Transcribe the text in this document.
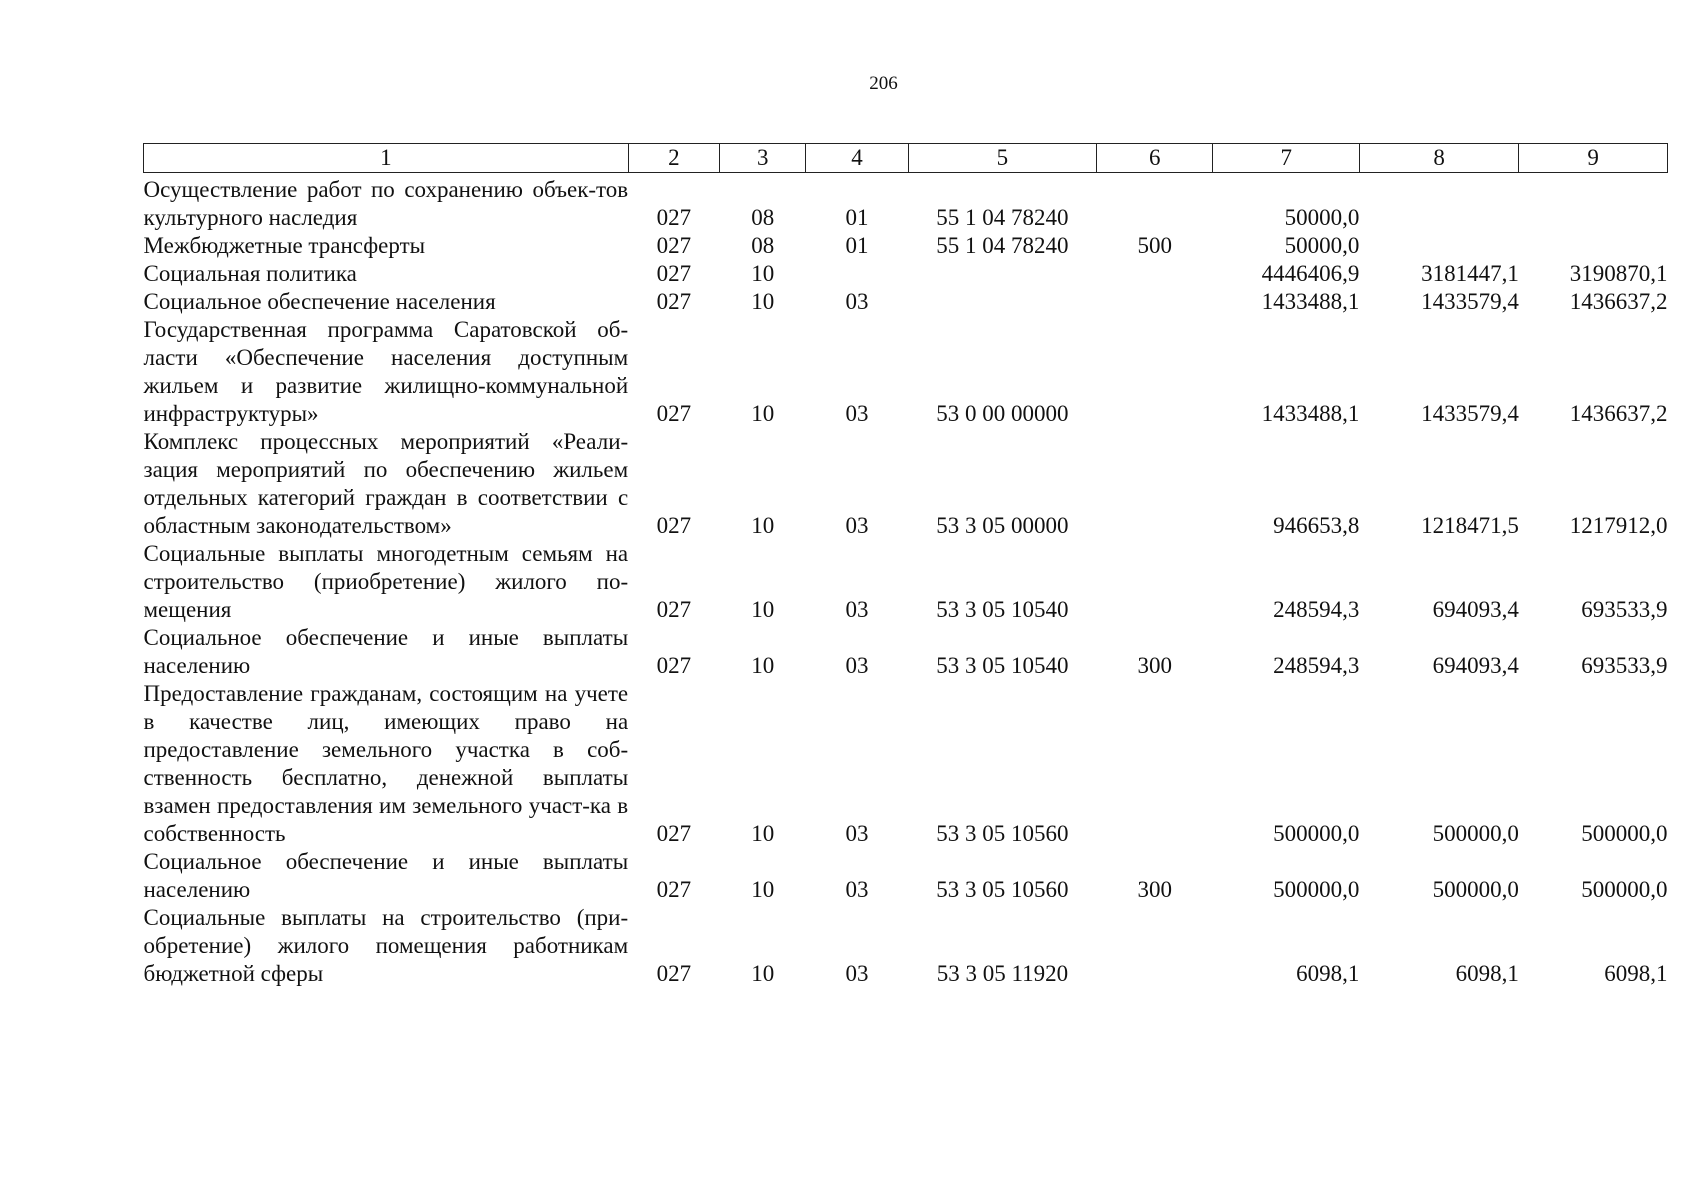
206
1	2	3	4	5	6	7	8	9

Осуществление работ по сохранению объек-тов культурного наследия	027	08	01	55 1 04 78240		50000,0		
Межбюджетные трансферты	027	08	01	55 1 04 78240	500	50000,0		
Социальная политика	027	10				4446406,9	3181447,1	3190870,1
Социальное обеспечение населения	027	10	03			1433488,1	1433579,4	1436637,2
Государственная программа Саратовской об-ласти «Обеспечение населения доступным жильем и развитие жилищно-коммунальной инфраструктуры»	027	10	03	53 0 00 00000		1433488,1	1433579,4	1436637,2
Комплекс процессных мероприятий «Реали-зация мероприятий по обеспечению жильем отдельных категорий граждан в соответствии с областным законодательством»	027	10	03	53 3 05 00000		946653,8	1218471,5	1217912,0
Социальные выплаты многодетным семьям на строительство (приобретение) жилого по-мещения	027	10	03	53 3 05 10540		248594,3	694093,4	693533,9
Социальное обеспечение и иные выплаты населению	027	10	03	53 3 05 10540	300	248594,3	694093,4	693533,9
Предоставление гражданам, состоящим на учете в качестве лиц, имеющих право на предоставление земельного участка в соб-ственность бесплатно, денежной выплаты взамен предоставления им земельного участ-ка в собственность	027	10	03	53 3 05 10560		500000,0	500000,0	500000,0
Социальное обеспечение и иные выплаты населению	027	10	03	53 3 05 10560	300	500000,0	500000,0	500000,0
Социальные выплаты на строительство (при-обретение) жилого помещения работникам бюджетной сферы	027	10	03	53 3 05 11920		6098,1	6098,1	6098,1
